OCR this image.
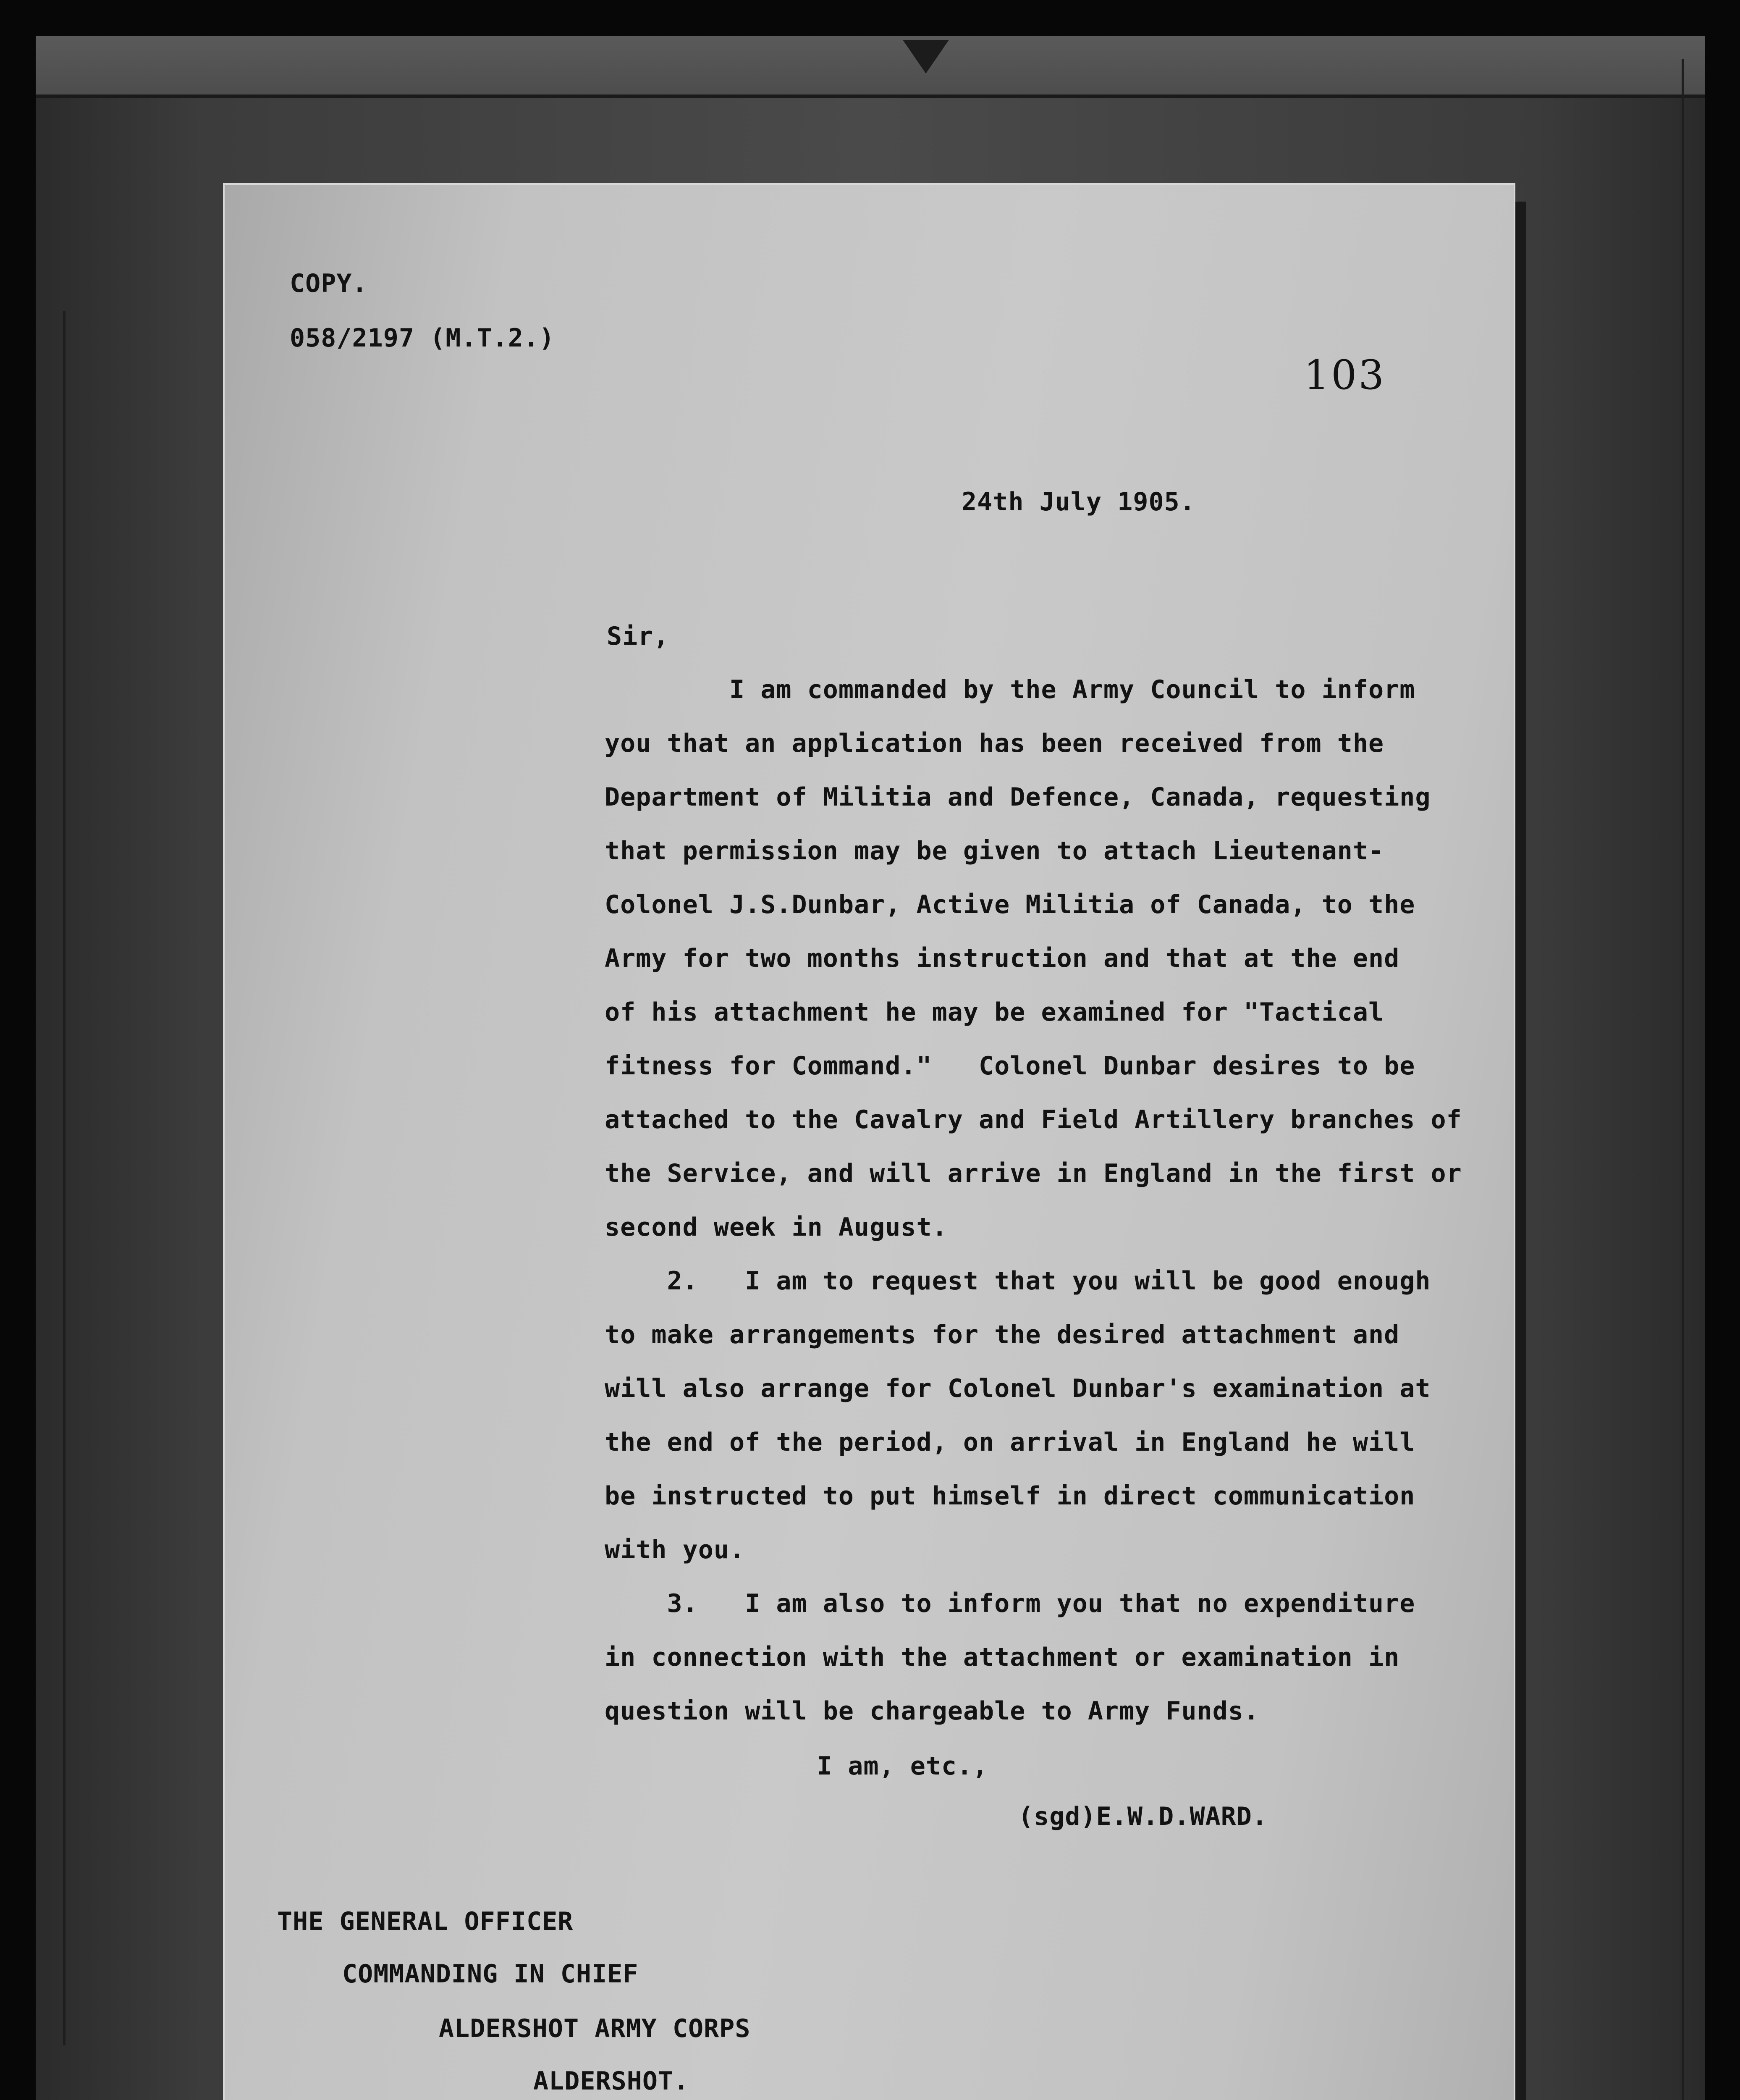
COPY.
058/2197 (M.T.2.)
103
24th July 1905.
Sir,
I am commanded by the Army Council to inform
you that an application has been received from the
Department of Militia and Defence, Canada, requesting
that permission may be given to attach Lieutenant-
Colonel J.S.Dunbar, Active Militia of Canada, to the
Army for two months instruction and that at the end
of his attachment he may be examined for "Tactical
fitness for Command."   Colonel Dunbar desires to be
attached to the Cavalry and Field Artillery branches of
the Service, and will arrive in England in the first or
second week in August.
2.   I am to request that you will be good enough
to make arrangements for the desired attachment and
will also arrange for Colonel Dunbar's examination at
the end of the period, on arrival in England he will
be instructed to put himself in direct communication
with you.
3.   I am also to inform you that no expenditure
in connection with the attachment or examination in
question will be chargeable to Army Funds.
I am, etc.,
(sgd)E.W.D.WARD.
THE GENERAL OFFICER
COMMANDING IN CHIEF
ALDERSHOT ARMY CORPS
ALDERSHOT.
